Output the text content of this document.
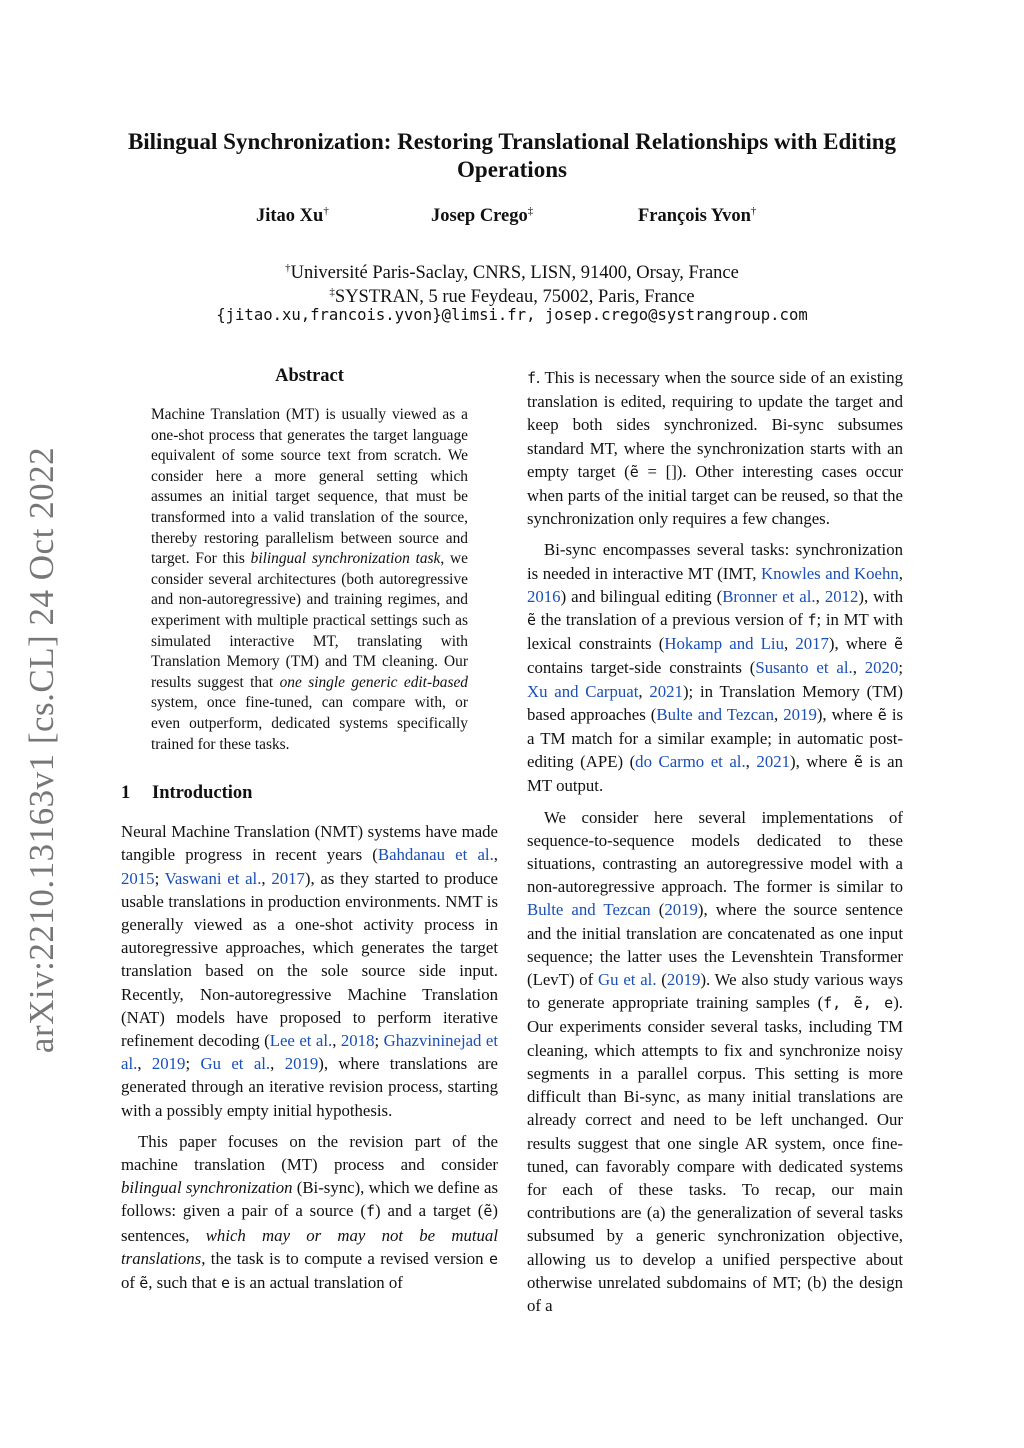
arXiv:2210.13163v1 [cs.CL] 24 Oct 2022
Bilingual Synchronization: Restoring Translational Relationships with Editing Operations
Jitao Xu†	Josep Crego‡	François Yvon†
†Université Paris-Saclay, CNRS, LISN, 91400, Orsay, France
‡SYSTRAN, 5 rue Feydeau, 75002, Paris, France
{jitao.xu,francois.yvon}@limsi.fr, josep.crego@systrangroup.com
Abstract
Machine Translation (MT) is usually viewed as a one-shot process that generates the target language equivalent of some source text from scratch. We consider here a more general setting which assumes an initial target sequence, that must be transformed into a valid translation of the source, thereby restoring parallelism between source and target. For this bilingual synchronization task, we consider several architectures (both autoregressive and non-autoregressive) and training regimes, and experiment with multiple practical settings such as simulated interactive MT, translating with Translation Memory (TM) and TM cleaning. Our results suggest that one single generic edit-based system, once fine-tuned, can compare with, or even outperform, dedicated systems specifically trained for these tasks.
1 Introduction

Neural Machine Translation (NMT) systems have made tangible progress in recent years (Bahdanau et al., 2015; Vaswani et al., 2017), as they started to produce usable translations in production environments. NMT is generally viewed as a one-shot activity process in autoregressive approaches, which generates the target translation based on the sole source side input. Recently, Non-autoregressive Machine Translation (NAT) models have proposed to perform iterative refinement decoding (Lee et al., 2018; Ghazvininejad et al., 2019; Gu et al., 2019), where translations are generated through an iterative revision process, starting with a possibly empty initial hypothesis.

This paper focuses on the revision part of the machine translation (MT) process and consider bilingual synchronization (Bi-sync), which we define as follows: given a pair of a source (f) and a target (ẽ) sentences, which may or may not be mutual translations, the task is to compute a revised version e of ẽ, such that e is an actual translation of

f. This is necessary when the source side of an existing translation is edited, requiring to update the target and keep both sides synchronized. Bi-sync subsumes standard MT, where the synchronization starts with an empty target (ẽ = []). Other interesting cases occur when parts of the initial target can be reused, so that the synchronization only requires a few changes.

Bi-sync encompasses several tasks: synchronization is needed in interactive MT (IMT, Knowles and Koehn, 2016) and bilingual editing (Bronner et al., 2012), with ẽ the translation of a previous version of f; in MT with lexical constraints (Hokamp and Liu, 2017), where ẽ contains target-side constraints (Susanto et al., 2020; Xu and Carpuat, 2021); in Translation Memory (TM) based approaches (Bulte and Tezcan, 2019), where ẽ is a TM match for a similar example; in automatic post-editing (APE) (do Carmo et al., 2021), where ẽ is an MT output.

We consider here several implementations of sequence-to-sequence models dedicated to these situations, contrasting an autoregressive model with a non-autoregressive approach. The former is similar to Bulte and Tezcan (2019), where the source sentence and the initial translation are concatenated as one input sequence; the latter uses the Levenshtein Transformer (LevT) of Gu et al. (2019). We also study various ways to generate appropriate training samples (f, ẽ, e). Our experiments consider several tasks, including TM cleaning, which attempts to fix and synchronize noisy segments in a parallel corpus. This setting is more difficult than Bi-sync, as many initial translations are already correct and need to be left unchanged. Our results suggest that one single AR system, once fine-tuned, can favorably compare with dedicated systems for each of these tasks. To recap, our main contributions are (a) the generalization of several tasks subsumed by a generic synchronization objective, allowing us to develop a unified perspective about otherwise unrelated subdomains of MT; (b) the design of a
